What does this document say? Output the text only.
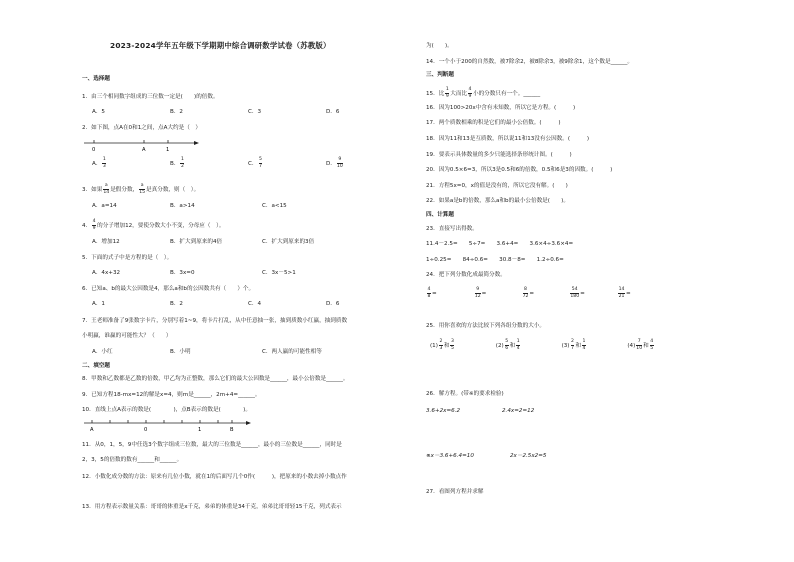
2023-2024学年五年级下学期期中综合调研数学试卷（苏教版）
一、选择题
1．由三个相同数字组成的三位数一定是(　　)的倍数。
A．5	B．2	C．3	D．6
2．如下图，点A在0和1之间，点A大约是（　）
0	A	1
A． $\frac{1}{3}$	B． $\frac{1}{2}$	C． $\frac{5}{7}$	D． $\frac{9}{10}$
3．如果 $\frac{a}{14}$ 是假分数， $\frac{a}{15}$ 是真分数，则（　）。
A．a=14	B．a>14	C．a<15
4． $\frac{4}{9}$ 的分子增加12，要使分数大小不变，分母应（　）。
A．增加12	B．扩大到原来的4倍	C．扩大到原来的3倍
5．下面的式子中是方程的是（　）。
A．4x+32	B．3x=0	C．3x－5>1
6．已知a、b的最大公因数是4，那么a和b的公因数共有（　　）个。
A．1	B．2	C．4	D．6
7．王老师准备了9张数字卡片，分别写着1~9，将卡片打乱，从中任意抽一张，抽到质数小红赢，抽到质数
小明赢，谁赢的可能性大？（　　）
A．小红	B．小明	C．两人赢的可能性相等
二、填空题
8．甲数和乙数都是乙数的倍数，甲乙均为正整数，那么它们的最大公因数是______，最小公倍数是______。
9．已知方程18-mx=12的解是x=4，则m是______，2m+4=______。
10．直线上点A表示的数是(　　　　)，点B表示的数是(　　　　)。
A	0	1	B
11．从0，1，5，9中任选3个数字组成三位数，最大的三位数是______，最小的三位数是______，同时是
2，3，5的倍数的数有______和______。
12．小数化成分数的方法：原来有几位小数，就在1的后面写几个0作(　　　)，把原来的小数去掉小数点作
13．用方程表示数量关系：哥哥的体重是x千克，弟弟的体重是34千克，弟弟比哥哥轻15千克，列式表示
为(　　)。
14．一个小于200的自然数，被7除余2，被8除余3，被9除余1，这个数是______。
三、判断题
15．比 $\frac{1}{9}$ 大而比 $\frac{4}{9}$ 小的分数只有一个。______
16．因为100>20x中含有未知数，所以它是方程。(　　　)
17．两个质数相乘的积是它们的最小公倍数。(　　　)
18．因为11和13是互质数，所以说11和13没有公因数。(　　　)
19．要表示具体数量的多少只能选择条形统计图。(　　　)
20．因为0.5×6=3，所以3是0.5和6的倍数，0.5和6是3的因数。(　　　)
21．方程5x=0，x的值是没有的，所以它没有解。(　　)
22．如果a是b的倍数，那么a和b的最小公倍数是(　　)。
四、计算题
23．直接写出得数。
11.4－2.5=　　5÷7=　　3.6+4=　　3.6×4÷3.6×4=
1÷0.25=　　84÷0.6=　　30.8－8=　　1.2÷0.6=
24．把下列分数化成最简分数。
$\frac{4}{8}$ =	$\frac{9}{12}$ =	$\frac{8}{72}$ =	$\frac{54}{180}$ =	$\frac{14}{21}$ =
25．用你喜欢的方法比较下列各组分数的大小。
$(1) \frac{2}{3}$ 和 $\frac{3}{5}$	$(2) \frac{5}{6}$ 和 $\frac{1}{4}$	$(3) \frac{2}{7}$ 和 $\frac{1}{4}$	$(4) \frac{7}{10}$ 和 $\frac{4}{5}$
26．解方程。(带※的要求检验)
3.6+2x=6.2	2.4x=2=12
※x－3.6+6.4=10	2x－2.5x2=5
27．看图列方程并求解
